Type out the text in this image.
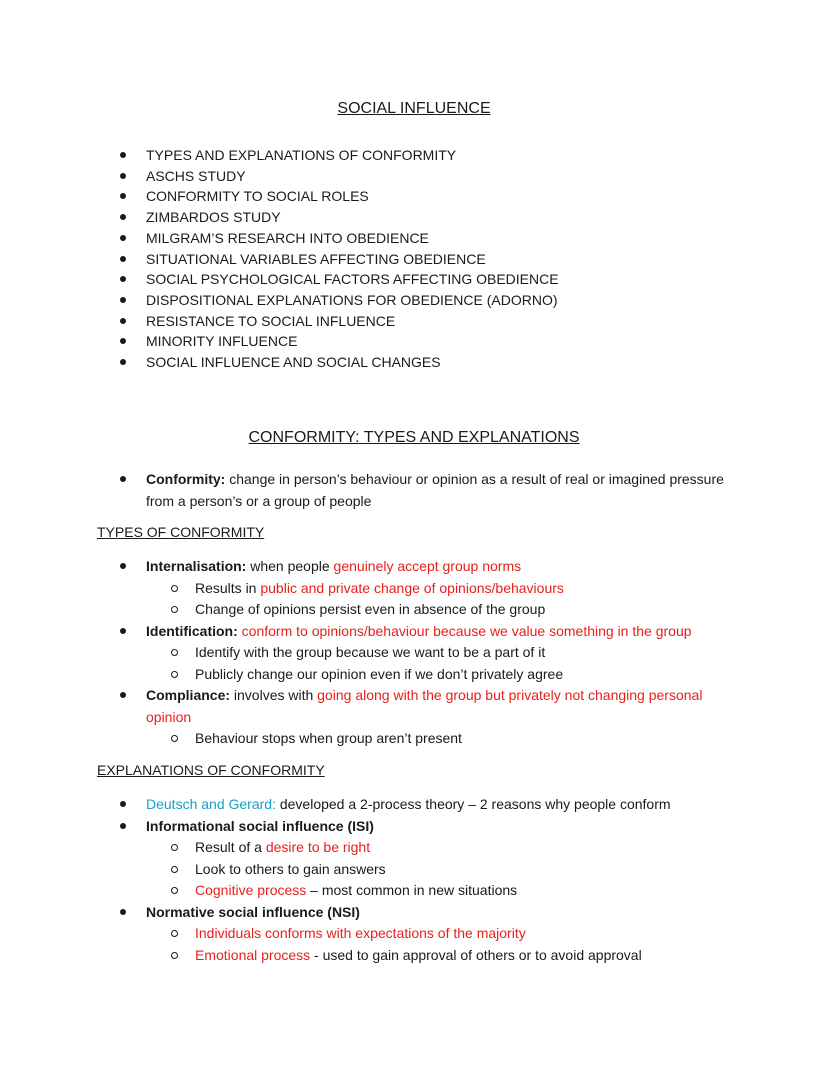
SOCIAL INFLUENCE
TYPES AND EXPLANATIONS OF CONFORMITY
ASCHS STUDY
CONFORMITY TO SOCIAL ROLES
ZIMBARDOS STUDY
MILGRAM’S RESEARCH INTO OBEDIENCE
SITUATIONAL VARIABLES AFFECTING OBEDIENCE
SOCIAL PSYCHOLOGICAL FACTORS AFFECTING OBEDIENCE
DISPOSITIONAL EXPLANATIONS FOR OBEDIENCE (ADORNO)
RESISTANCE TO SOCIAL INFLUENCE
MINORITY INFLUENCE
SOCIAL INFLUENCE AND SOCIAL CHANGES
CONFORMITY: TYPES AND EXPLANATIONS
Conformity: change in person’s behaviour or opinion as a result of real or imagined pressure from a person’s or a group of people
TYPES OF CONFORMITY
Internalisation: when people genuinely accept group norms
Results in public and private change of opinions/behaviours
Change of opinions persist even in absence of the group
Identification: conform to opinions/behaviour because we value something in the group
Identify with the group because we want to be a part of it
Publicly change our opinion even if we don’t privately agree
Compliance: involves with going along with the group but privately not changing personal opinion
Behaviour stops when group aren’t present
EXPLANATIONS OF CONFORMITY
Deutsch and Gerard: developed a 2-process theory – 2 reasons why people conform
Informational social influence (ISI)
Result of a desire to be right
Look to others to gain answers
Cognitive process – most common in new situations
Normative social influence (NSI)
Individuals conforms with expectations of the majority
Emotional process - used to gain approval of others or to avoid approval
